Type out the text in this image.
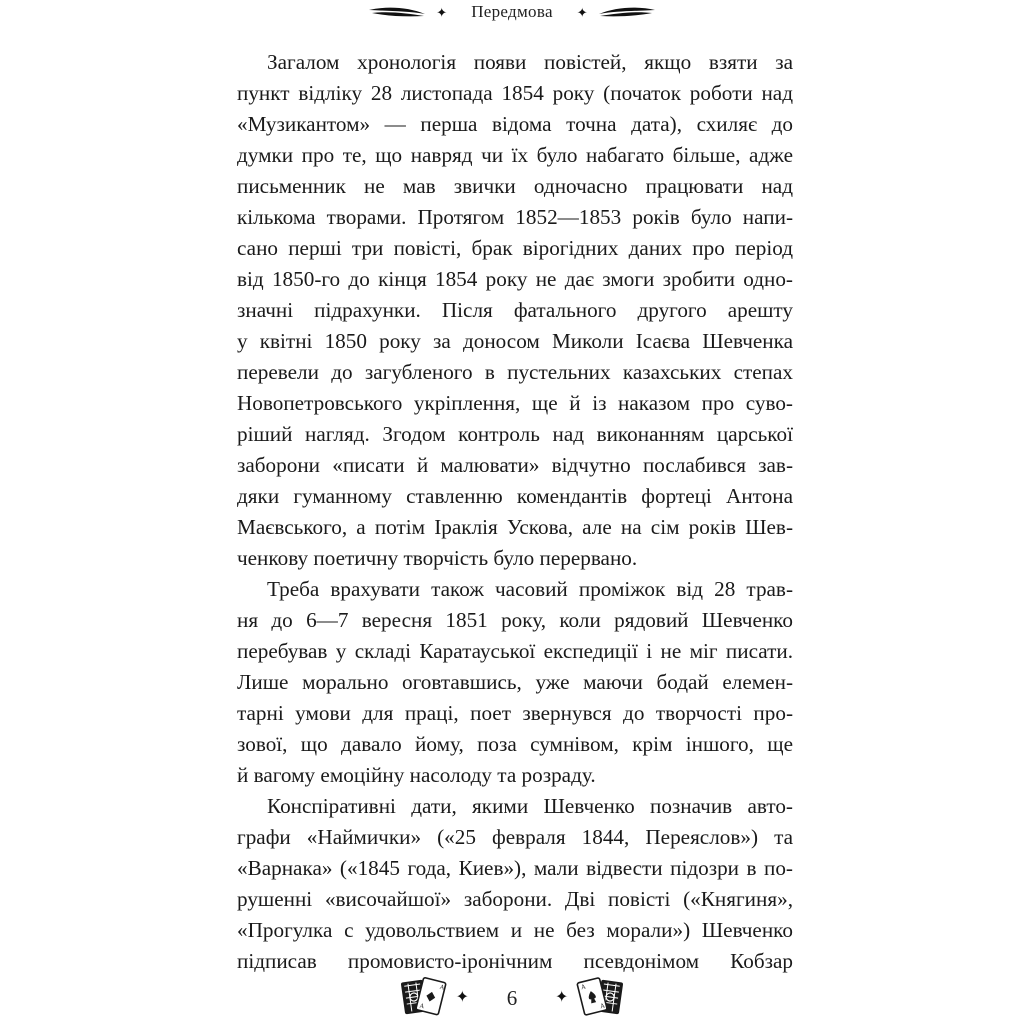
✦	Передмова	✦
Загалом хронологія появи повістей, якщо взяти за
пункт відліку 28 листопада 1854 року (початок роботи над
«Музикантом» — перша відома точна дата), схиляє до
думки про те, що навряд чи їх було набагато більше, адже
письменник не мав звички одночасно працювати над
кількома творами. Протягом 1852—1853 років було напи-
сано перші три повісті, брак вірогідних даних про період
від 1850-го до кінця 1854 року не дає змоги зробити одно-
значні підрахунки. Після фатального другого арешту
у квітні 1850 року за доносом Миколи Ісаєва Шевченка
перевели до загубленого в пустельних казахських степах
Новопетровського укріплення, ще й із наказом про суво-
ріший нагляд. Згодом контроль над виконанням царської
заборони «писати й малювати» відчутно послабився зав-
дяки гуманному ставленню комендантів фортеці Антона
Маєвського, а потім Іраклія Ускова, але на сім років Шев-
ченкову поетичну творчість було перервано.
Треба врахувати також часовий проміжок від 28 трав-
ня до 6—7 вересня 1851 року, коли рядовий Шевченко
перебував у складі Каратауської експедиції і не міг писати.
Лише морально оговтавшись, уже маючи бодай елемен-
тарні умови для праці, поет звернувся до творчості про-
зової, що давало йому, поза сумнівом, крім іншого, ще
й вагому емоційну насолоду та розраду.
Конспіративні дати, якими Шевченко позначив авто-
графи «Наймички» («25 февраля 1844, Переяслов») та
«Варнака» («1845 года, Киев»), мали відвести підозри в по-
рушенні «височайшої» заборони. Дві повісті («Княгиня»,
«Прогулка с удовольствием и не без морали») Шевченко
підписав промовисто-іронічним псевдонімом Кобзар
A
A
✦	6	✦
A
A
